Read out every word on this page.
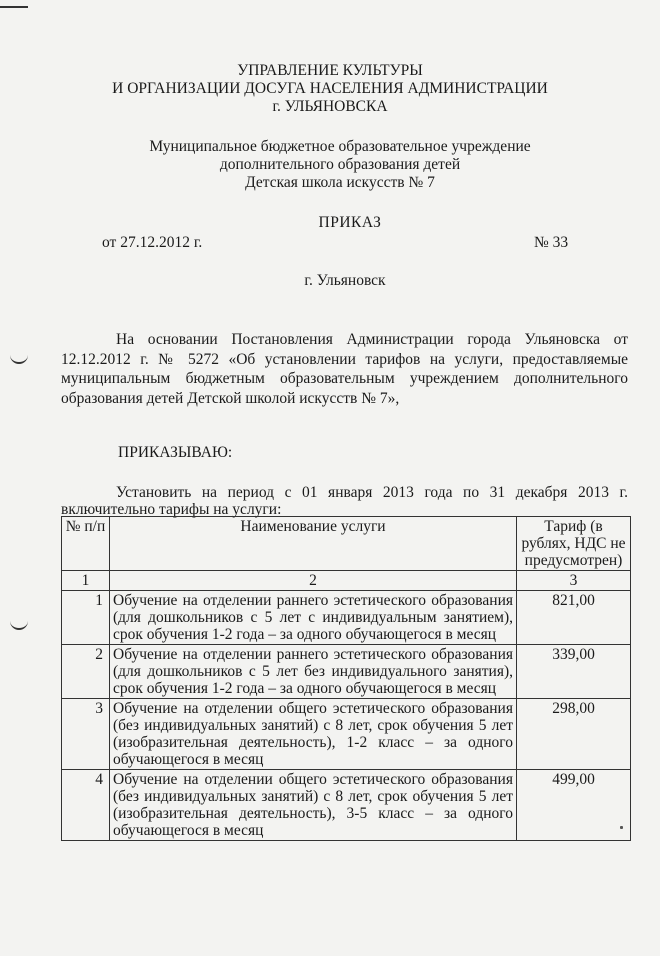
УПРАВЛЕНИЕ КУЛЬТУРЫ
И ОРГАНИЗАЦИИ ДОСУГА НАСЕЛЕНИЯ АДМИНИСТРАЦИИ
г. УЛЬЯНОВСКА
Муниципальное бюджетное образовательное учреждение
дополнительного образования детей
Детская школа искусств № 7
ПРИКАЗ
от 27.12.2012 г.	№ 33
г. Ульяновск

На основании Постановления Администрации города Ульяновска от 12.12.2012 г. № 5272 «Об установлении тарифов на услуги, предоставляемые муниципальным бюджетным образовательным учреждением дополнительного образования детей Детской школой искусств № 7»,

ПРИКАЗЫВАЮ:

Установить на период с 01 января 2013 года по 31 декабря 2013 г. включительно тарифы на услуги:

№ п/п	Наименование услуги	Тариф (в рублях, НДС не предусмотрен)
1	2	3
1	Обучение на отделении раннего эстетического образования (для дошкольников с 5 лет с индивидуальным занятием), срок обучения 1-2 года – за одного обучающегося в месяц	821,00
2	Обучение на отделении раннего эстетического образования (для дошкольников с 5 лет без индивидуального занятия), срок обучения 1-2 года – за одного обучающегося в месяц	339,00
3	Обучение на отделении общего эстетического образования (без индивидуальных занятий) с 8 лет, срок обучения 5 лет (изобразительная деятельность), 1-2 класс – за одного обучающегося в месяц	298,00
4	Обучение на отделении общего эстетического образования (без индивидуальных занятий) с 8 лет, срок обучения 5 лет (изобразительная деятельность), 3-5 класс – за одного обучающегося в месяц	499,00
